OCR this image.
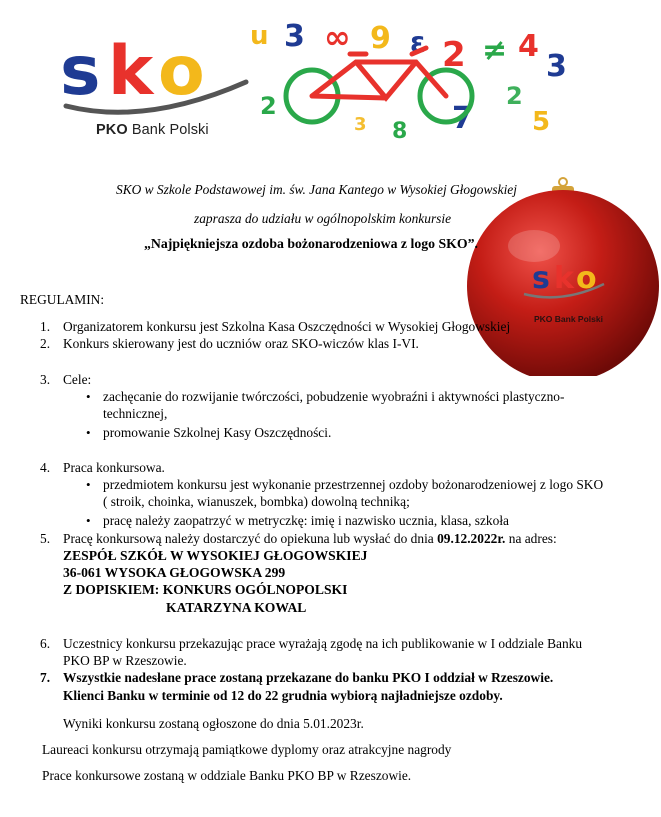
s k o
PKO Bank Polski
u 3 ∞ 9 ε 2 ≠ 4
3
7
8	5
2	2
3
s k o
PKO Bank Polski
SKO w Szkole Podstawowej im. św. Jana Kantego w Wysokiej Głogowskiej
zaprasza do udziału w ogólnopolskim konkursie
„Najpiękniejsza ozdoba bożonarodzeniowa z logo SKO”.
REGULAMIN:
1. Organizatorem konkursu jest Szkolna Kasa Oszczędności w Wysokiej Głogowskiej
2. Konkurs skierowany jest do uczniów oraz SKO-wiczów klas I-VI.
3. Cele:
• zachęcanie do rozwijanie twórczości, pobudzenie wyobraźni i aktywności plastyczno-
technicznej,
• promowanie Szkolnej Kasy Oszczędności.
4. Praca konkursowa.
• przedmiotem konkursu jest wykonanie przestrzennej ozdoby bożonarodzeniowej z logo SKO
( stroik, choinka, wianuszek, bombka) dowolną techniką;
• pracę należy zaopatrzyć w metryczkę: imię i nazwisko ucznia, klasa, szkoła
5. Pracę konkursową należy dostarczyć do opiekuna lub wysłać do dnia 09.12.2022r. na adres:
ZESPÓŁ SZKÓŁ W WYSOKIEJ GŁOGOWSKIEJ
36-061 WYSOKA GŁOGOWSKA 299
Z DOPISKIEM: KONKURS OGÓLNOPOLSKI
KATARZYNA KOWAL
6. Uczestnicy konkursu przekazując prace wyrażają zgodę na ich publikowanie w I oddziale Banku
PKO BP w Rzeszowie.
7. Wszystkie nadesłane prace zostaną przekazane do banku PKO I oddział w Rzeszowie.
Klienci Banku w terminie od 12 do 22 grudnia wybiorą najładniejsze ozdoby.
Wyniki konkursu zostaną ogłoszone do dnia 5.01.2023r.
Laureaci konkursu otrzymają pamiątkowe dyplomy oraz atrakcyjne nagrody
Prace konkursowe zostaną w oddziale Banku PKO BP w Rzeszowie.
